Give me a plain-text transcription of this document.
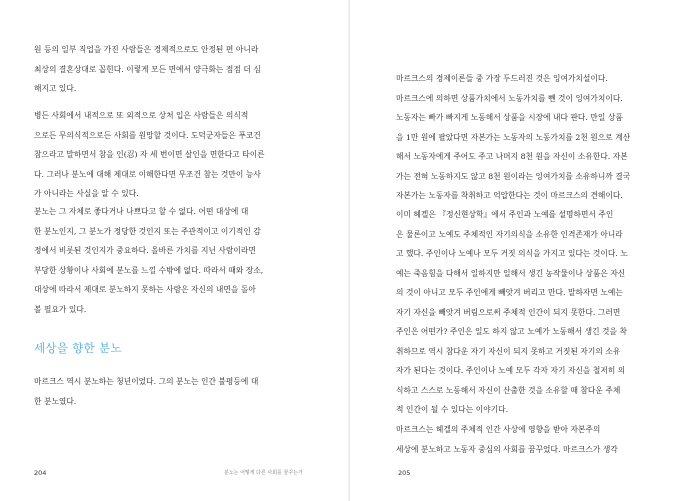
원 등의 일부 직업을 가진 사람들은 경제적으로도 안정된 편 아니라
최상의 결혼상대로 꼽힌다. 이렇게 모든 면에서 양극화는 점점 더 심
해지고 있다.
병든 사회에서 내적으로 또 외적으로 상처 입은 사람들은 의식적
으로든 무의식적으로든 사회를 원망할 것이다. 도덕군자들은 푸코건
참으라고 말하면서 참을 인(忍) 자 세 번이면 살인을 면한다고 타이른
다. 그러나 분노에 대해 제대로 이해한다면 무조건 참는 것만이 능사
가 아니라는 사실을 알 수 있다.
분노는 그 자체로 좋다거나 나쁘다고 할 수 없다. 어떤 대상에 대
한 분노인지, 그 분노가 정당한 것인지 또는 주관적이고 이기적인 감
정에서 비롯된 것인지가 중요하다. 올바른 가치를 지닌 사람이라면
부당한 상황이나 사회에 분노를 느낄 수밖에 없다. 따라서 때와 장소,
대상에 따라서 제대로 분노하지 못하는 사람은 자신의 내면을 돌아
볼 필요가 있다.
세상을 향한 분노
마르크스 역시 분노하는 청년이었다. 그의 분노는 인간 불평등에 대
한 분노였다.
204	분노는 어떻게 다른 사회를 꿈꾸는가	205
마르크스의 경제이론들 중 가장 두드러진 것은 잉여가치설이다.
마르크스에 의하면 상품가치에서 노동가치를 뺀 것이 잉여가치이다.
노동자는 빠가 빠지게 노동해서 상품을 시장에 내다 판다. 만일 상품
을 1만 원에 팔았다면 자본가는 노동자의 노동가치를 2천 원으로 계산
해서 노동자에게 주어도 주고 나머지 8천 원을 자신이 소유한다. 자본
가는 전혀 노동하지도 않고 8천 원이라는 잉여가치를 소유하니까 결국
자본가는 노동자를 착취하고 억압한다는 것이 마르크스의 견해이다.
이미 헤겔은 『정신현상학』에서 주인과 노예를 설명하면서 주인
은 물론이고 노예도 주체적인 자기의식을 소유한 인격존재가 아니라
고 했다. 주인이나 노예나 모두 거짓 의식을 가지고 있다는 것이다. 노
예는 죽음힘을 다해서 일하지만 일해서 생긴 농작물이나 상품은 자신
의 것이 아니고 모두 주인에게 빼앗겨 버리고 만다. 말하자면 노예는
자기 자신을 빼앗겨 버림으로써 주체적 인간이 되지 못한다. 그러면
주인은 어떤가? 주인은 일도 하지 않고 노예가 노동해서 생긴 것을 착
취하므로 역시 참다운 자기 자신이 되지 못하고 거짓된 자기의 소유
자가 된다는 것이다. 주인이나 노예 모두 각자 자기 자신을 철저히 의
식하고 스스로 노동해서 자신이 산출한 것을 소유할 때 참다운 주체
적 인간이 될 수 있다는 이야기다.
마르크스는 헤겔의 주체적 인간 사상에 영향을 받아 자본주의
세상에 분노하고 노동자 중심의 사회를 꿈꾸었다. 마르크스가 생각
